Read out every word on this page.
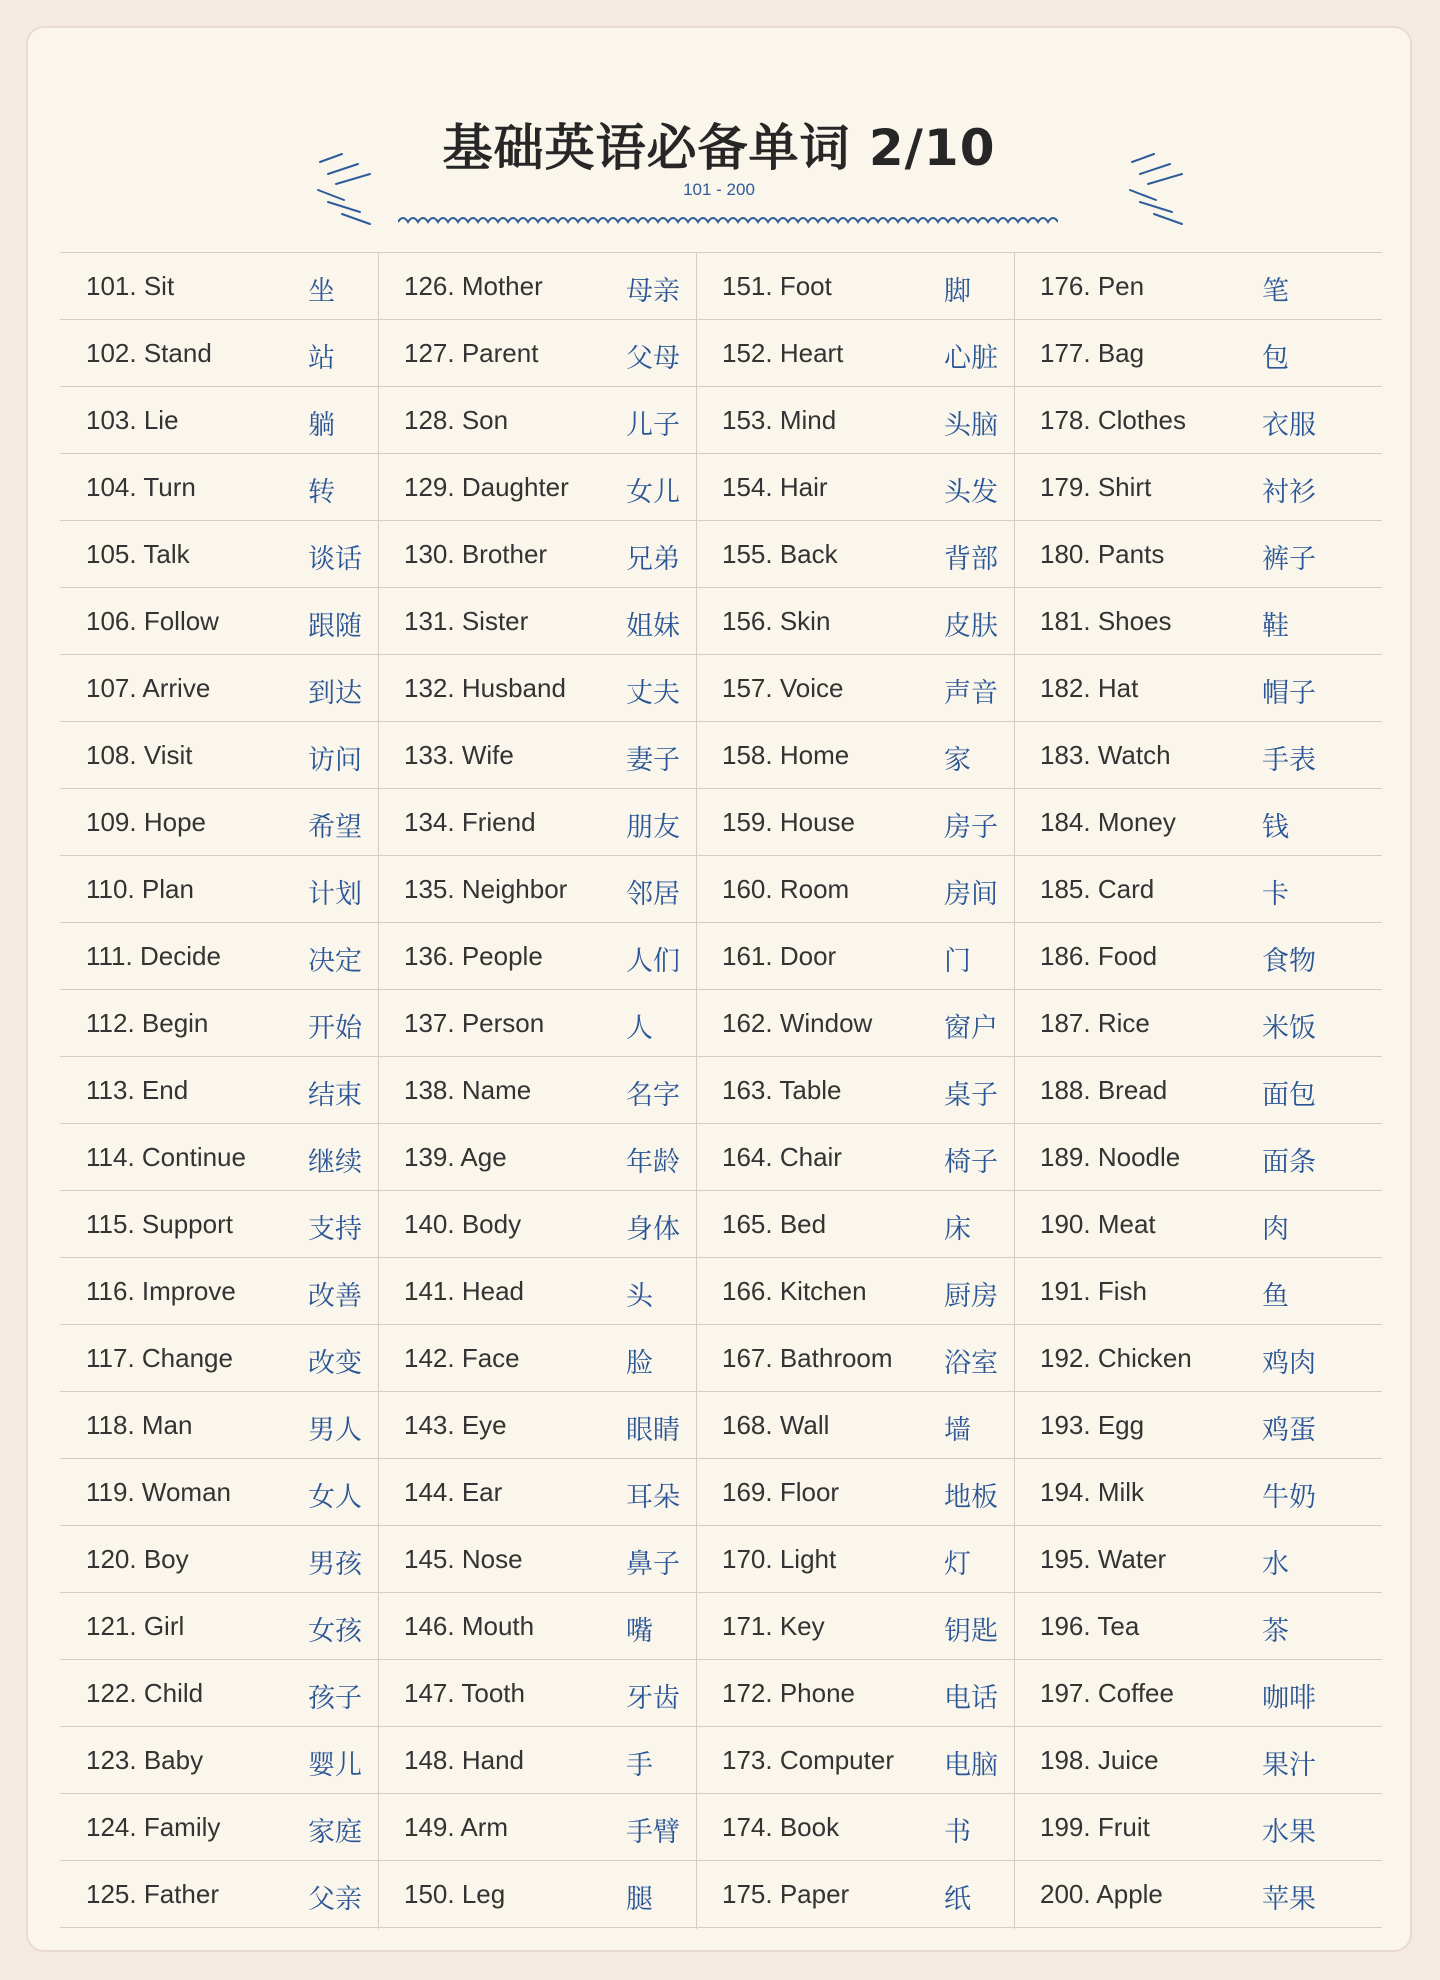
基础英语必备单词 2/10
101 - 200
101. Sit	坐
102. Stand	站
103. Lie	躺
104. Turn	转
105. Talk	谈话
106. Follow	跟随
107. Arrive	到达
108. Visit	访问
109. Hope	希望
110. Plan	计划
111. Decide	决定
112. Begin	开始
113. End	结束
114. Continue 继续
115. Support	支持
116. Improve	改善
117. Change	改变
118. Man	男人
119. Woman	女人
120. Boy	男孩
121. Girl	女孩
122. Child	孩子
123. Baby	婴儿
124. Family	家庭
125. Father	父亲
126. Mother	母亲
127. Parent	父母
128. Son	儿子
129. Daughter 女儿
130. Brother	兄弟
131. Sister	姐妹
132. Husband 丈夫
133. Wife	妻子
134. Friend	朋友
135. Neighbor 邻居
136. People	人们
137. Person	人
138. Name	名字
139. Age	年龄
140. Body	身体
141. Head	头
142. Face	脸
143. Eye	眼睛
144. Ear	耳朵
145. Nose	鼻子
146. Mouth	嘴
147. Tooth	牙齿
148. Hand	手
149. Arm	手臂
150. Leg	腿
151. Foot	脚
152. Heart	心脏
153. Mind	头脑
154. Hair	头发
155. Back	背部
156. Skin	皮肤
157. Voice	声音
158. Home	家
159. House	房子
160. Room	房间
161. Door	门
162. Window	窗户
163. Table	桌子
164. Chair	椅子
165. Bed	床
166. Kitchen	厨房
167. Bathroom 浴室
168. Wall	墙
169. Floor	地板
170. Light	灯
171. Key	钥匙
172. Phone	电话
173. Computer 电脑
174. Book	书
175. Paper	纸
176. Pen	笔
177. Bag	包
178. Clothes	衣服
179. Shirt	衬衫
180. Pants	裤子
181. Shoes	鞋
182. Hat	帽子
183. Watch	手表
184. Money	钱
185. Card	卡
186. Food	食物
187. Rice	米饭
188. Bread	面包
189. Noodle	面条
190. Meat	肉
191. Fish	鱼
192. Chicken	鸡肉
193. Egg	鸡蛋
194. Milk	牛奶
195. Water	水
196. Tea	茶
197. Coffee	咖啡
198. Juice	果汁
199. Fruit	水果
200. Apple	苹果
